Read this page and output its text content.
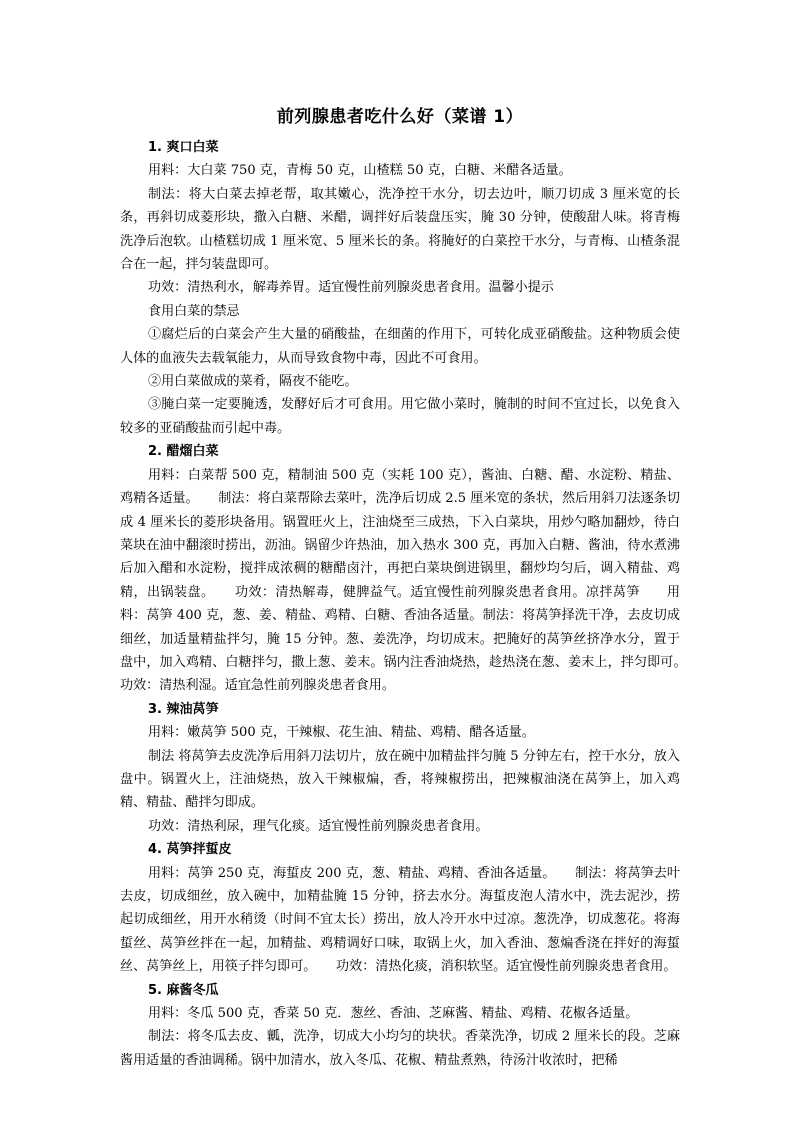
前列腺患者吃什么好（菜谱 1）

1. 爽口白菜

用料：大白菜 750 克，青梅 50 克，山楂糕 50 克，白糖、米醋各适量。

制法：将大白菜去掉老帮，取其嫩心，洗净控干水分，切去边叶，顺刀切成 3 厘米宽的长条，再斜切成菱形块，撒入白糖、米醋，调拌好后装盘压实，腌 30 分钟，使酸甜人味。将青梅洗净后泡软。山楂糕切成 1 厘米宽、5 厘米长的条。将腌好的白菜控干水分，与青梅、山楂条混合在一起，拌匀装盘即可。

功效：清热利水，解毒养胃。适宜慢性前列腺炎患者食用。温馨小提示

食用白菜的禁忌

①腐烂后的白菜会产生大量的硝酸盐，在细菌的作用下，可转化成亚硝酸盐。这种物质会使人体的血液失去载氧能力，从而导致食物中毒，因此不可食用。

②用白菜做成的菜肴，隔夜不能吃。

③腌白菜一定要腌透，发酵好后才可食用。用它做小菜时，腌制的时间不宜过长，以免食入较多的亚硝酸盐而引起中毒。

2. 醋熘白菜

用料：白菜帮 500 克，精制油 500 克（实耗 100 克），酱油、白糖、醋、水淀粉、精盐、鸡精各适量。　　制法：将白菜帮除去菜叶，洗净后切成 2.5 厘米宽的条状，然后用斜刀法逐条切成 4 厘米长的菱形块备用。锅置旺火上，注油烧至三成热，下入白菜块，用炒勺略加翻炒，待白菜块在油中翻滚时捞出，沥油。锅留少许热油，加入热水 300 克，再加入白糖、酱油，待水煮沸后加入醋和水淀粉，搅拌成浓稠的糖醋卤汁，再把白菜块倒进锅里，翻炒均匀后，调入精盐、鸡精，出锅装盘。　　功效：清热解毒，健脾益气。适宜慢性前列腺炎患者食用。凉拌莴笋　　用料：莴笋 400 克，葱、姜、精盐、鸡精、白糖、香油各适量。制法：将莴笋择洗干净，去皮切成细丝，加适量精盐拌匀，腌 15 分钟。葱、姜洗净，均切成末。把腌好的莴笋丝挤净水分，置于盘中，加入鸡精、白糖拌匀，撒上葱、姜末。锅内注香油烧热，趁热浇在葱、姜末上，拌匀即可。　　功效：清热利湿。适宜急性前列腺炎患者食用。

3. 辣油莴笋

用料：嫩莴笋 500 克，干辣椒、花生油、精盐、鸡精、醋各适量。

制法 将莴笋去皮洗净后用斜刀法切片，放在碗中加精盐拌匀腌 5 分钟左右，控干水分，放入盘中。锅置火上，注油烧热，放入干辣椒煸，香，将辣椒捞出，把辣椒油浇在莴笋上，加入鸡精、精盐、醋拌匀即成。

功效：清热利尿，理气化痰。适宜慢性前列腺炎患者食用。

4. 莴笋拌蜇皮

用料：莴笋 250 克，海蜇皮 200 克，葱、精盐、鸡精、香油各适量。　　制法：将莴笋去叶去皮，切成细丝，放入碗中，加精盐腌 15 分钟，挤去水分。海蜇皮泡人清水中，洗去泥沙，捞起切成细丝，用开水稍烫（时间不宜太长）捞出，放人冷开水中过凉。葱洗净，切成葱花。将海蜇丝、莴笋丝拌在一起，加精盐、鸡精调好口味，取锅上火，加入香油、葱煸香浇在拌好的海蜇丝、莴笋丝上，用筷子拌匀即可。　　功效：清热化痰，消积软坚。适宜慢性前列腺炎患者食用。

5. 麻酱冬瓜

用料：冬瓜 500 克，香菜 50 克．葱丝、香油、芝麻酱、精盐、鸡精、花椒各适量。

制法：将冬瓜去皮、瓤，洗净，切成大小均匀的块状。香菜洗净，切成 2 厘米长的段。芝麻酱用适量的香油调稀。锅中加清水，放入冬瓜、花椒、精盐煮熟，待汤汁收浓时，把稀
